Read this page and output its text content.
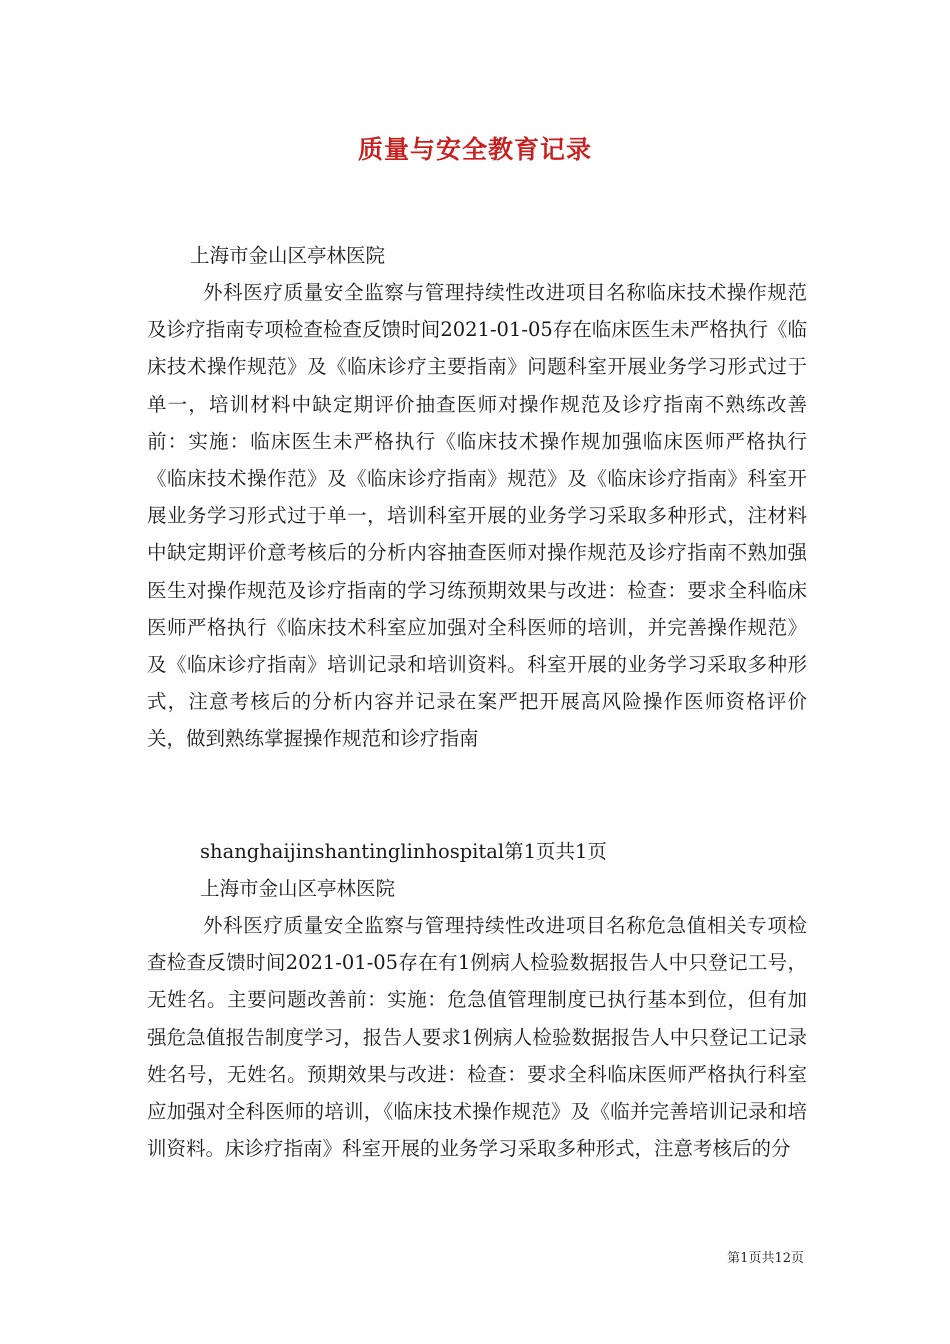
质量与安全教育记录

上海市金山区亭林医院

外科医疗质量安全监察与管理持续性改进项目名称临床技术操作规范及诊疗指南专项检查检查反馈时间2021-01-05存在临床医生未严格执行《临床技术操作规范》及《临床诊疗主要指南》问题科室开展业务学习形式过于单一，培训材料中缺定期评价抽查医师对操作规范及诊疗指南不熟练改善前：实施：临床医生未严格执行《临床技术操作规加强临床医师严格执行《临床技术操作范》及《临床诊疗指南》规范》及《临床诊疗指南》科室开展业务学习形式过于单一，培训科室开展的业务学习采取多种形式，注材料中缺定期评价意考核后的分析内容抽查医师对操作规范及诊疗指南不熟加强医生对操作规范及诊疗指南的学习练预期效果与改进：检查：要求全科临床医师严格执行《临床技术科室应加强对全科医师的培训，并完善操作规范》及《临床诊疗指南》培训记录和培训资料。科室开展的业务学习采取多种形式，注意考核后的分析内容并记录在案严把开展高风险操作医师资格评价关，做到熟练掌握操作规范和诊疗指南

shanghaijinshantinglinhospital第1页共1页

上海市金山区亭林医院

外科医疗质量安全监察与管理持续性改进项目名称危急值相关专项检查检查反馈时间2021-01-05存在有1例病人检验数据报告人中只登记工号，无姓名。主要问题改善前：实施：危急值管理制度已执行基本到位，但有加强危急值报告制度学习，报告人要求1例病人检验数据报告人中只登记工记录姓名号，无姓名。预期效果与改进：检查：要求全科临床医师严格执行科室应加强对全科医师的培训，《临床技术操作规范》及《临并完善培训记录和培训资料。床诊疗指南》科室开展的业务学习采取多种形式，注意考核后的分

第1页共12页
